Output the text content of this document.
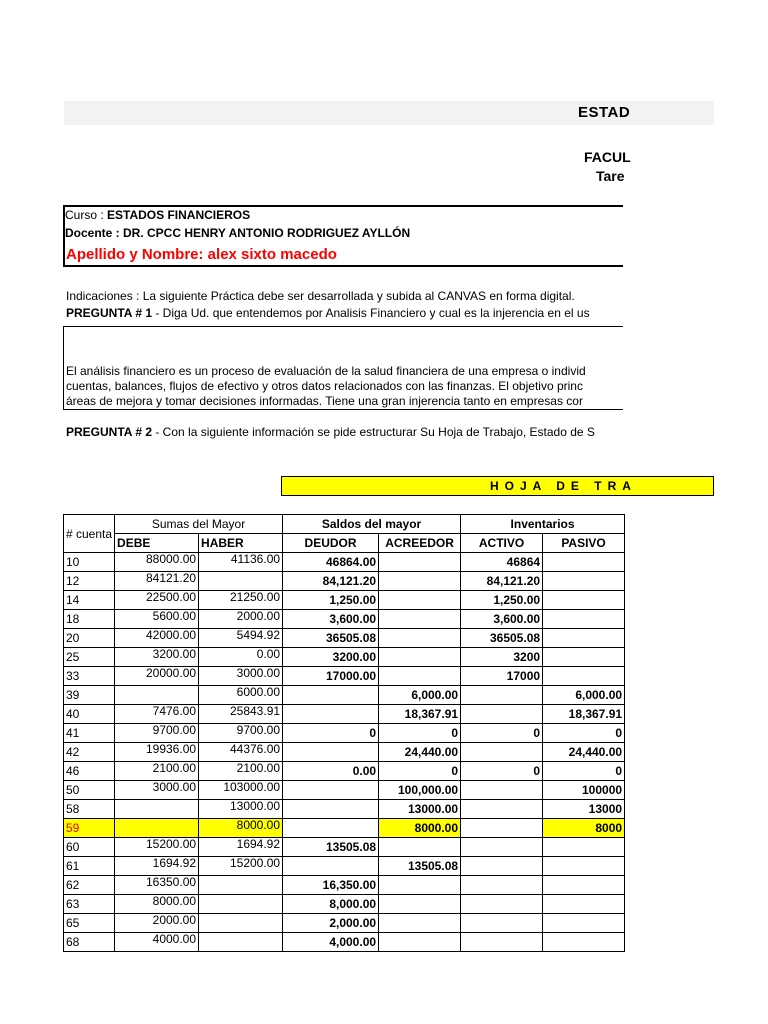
ESTAD
FACUL
Tare
Curso : ESTADOS FINANCIEROS
Docente : DR. CPCC HENRY ANTONIO RODRIGUEZ AYLLÓN
Apellido y Nombre: alex sixto macedo
Indicaciones : La siguiente Práctica debe ser desarrollada y subida al CANVAS en forma digital.
PREGUNTA # 1 - Diga Ud. que entendemos por Analisis Financiero y cual es la injerencia en el us
El análisis financiero es un proceso de evaluación de la salud financiera de una empresa o individ
cuentas, balances, flujos de efectivo y otros datos relacionados con las finanzas. El objetivo princ
áreas de mejora y tomar decisiones informadas. Tiene una gran injerencia tanto en empresas cor
PREGUNTA # 2 - Con la siguiente información se pide estructurar Su Hoja de Trabajo, Estado de S
HOJA DE TRA
# cuenta	Sumas del Mayor		Saldos del mayor		Inventarios	
	DEBE	HABER	DEUDOR	ACREEDOR	ACTIVO	PASIVO
10	88000.00	41136.00	46864.00		46864	
12	84121.20		84,121.20		84,121.20	
14	22500.00	21250.00	1,250.00		1,250.00	
18	5600.00	2000.00	3,600.00		3,600.00	
20	42000.00	5494.92	36505.08		36505.08	
25	3200.00	0.00	3200.00		3200	
33	20000.00	3000.00	17000.00		17000	
39		6000.00		6,000.00		6,000.00
40	7476.00	25843.91		18,367.91		18,367.91
41	9700.00	9700.00	0	0	0	0
42	19936.00	44376.00		24,440.00		24,440.00
46	2100.00	2100.00	0.00	0	0	0
50	3000.00	103000.00		100,000.00		100000
58		13000.00		13000.00		13000
59		8000.00		8000.00		8000
60	15200.00	1694.92	13505.08			
61	1694.92	15200.00		13505.08		
62	16350.00		16,350.00			
63	8000.00		8,000.00			
65	2000.00		2,000.00			
68	4000.00		4,000.00			
